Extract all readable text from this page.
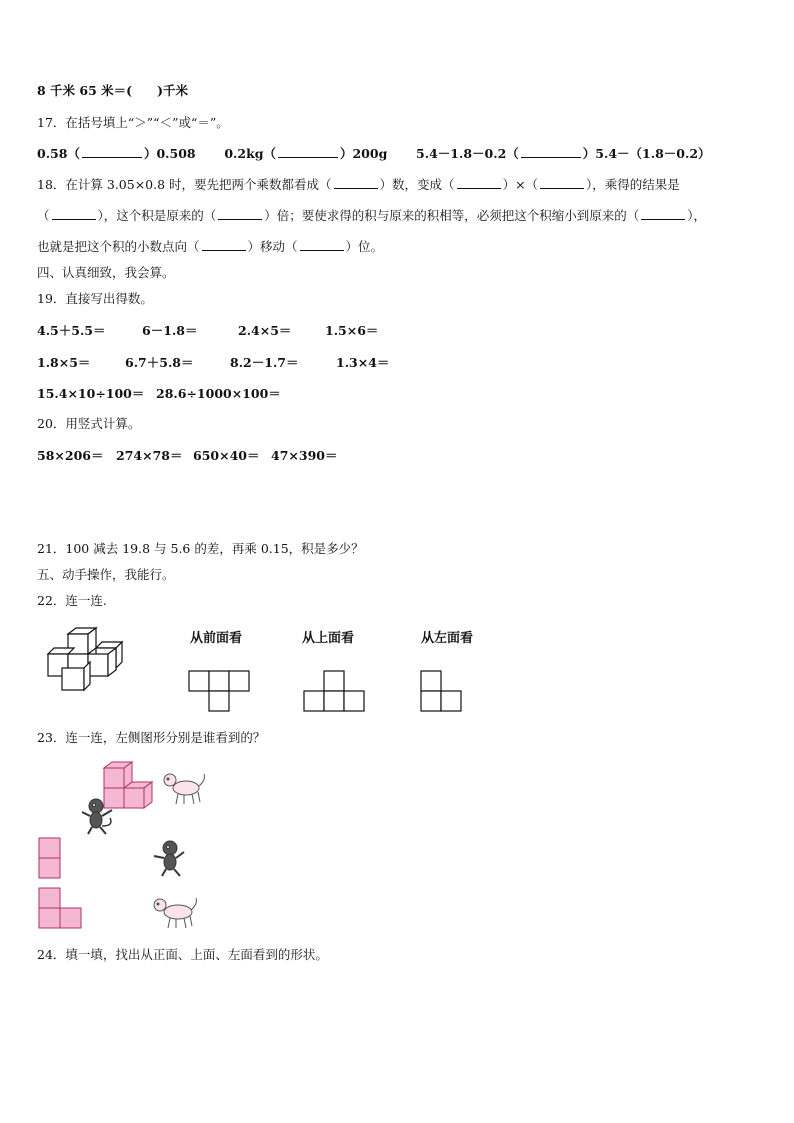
8 千米 65 米＝(　　)千米
17．在括号填上“＞”“＜”或“＝”。
0.58（	）0.508 0.2kg（	）200g 5.4－1.8－0.2（	）5.4－（1.8－0.2）
18．在计算 3.05×0.8 时，要先把两个乘数都看成（	）数，变成（	）×（	），乘得的结果是
（	），这个积是原来的（	）倍；要使求得的积与原来的积相等，必须把这个积缩小到原来的（	），
也就是把这个积的小数点向（	）移动（	）位。
四、认真细致，我会算。
19．直接写出得数。
4.5＋5.5＝	6－1.8＝	2.4×5＝	1.5×6＝
1.8×5＝	6.7＋5.8＝	8.2－1.7＝	1.3×4＝
15.4×10÷100＝ 28.6÷1000×100＝
20．用竖式计算。
58×206＝ 274×78＝ 650×40＝ 47×390＝
21．100 减去 19.8 与 5.6 的差，再乘 0.15，积是多少？
五、动手操作，我能行。
22．连一连.
从前面看	从上面看	从左面看
23．连一连，左侧图形分别是谁看到的？
24．填一填，找出从正面、上面、左面看到的形状。
